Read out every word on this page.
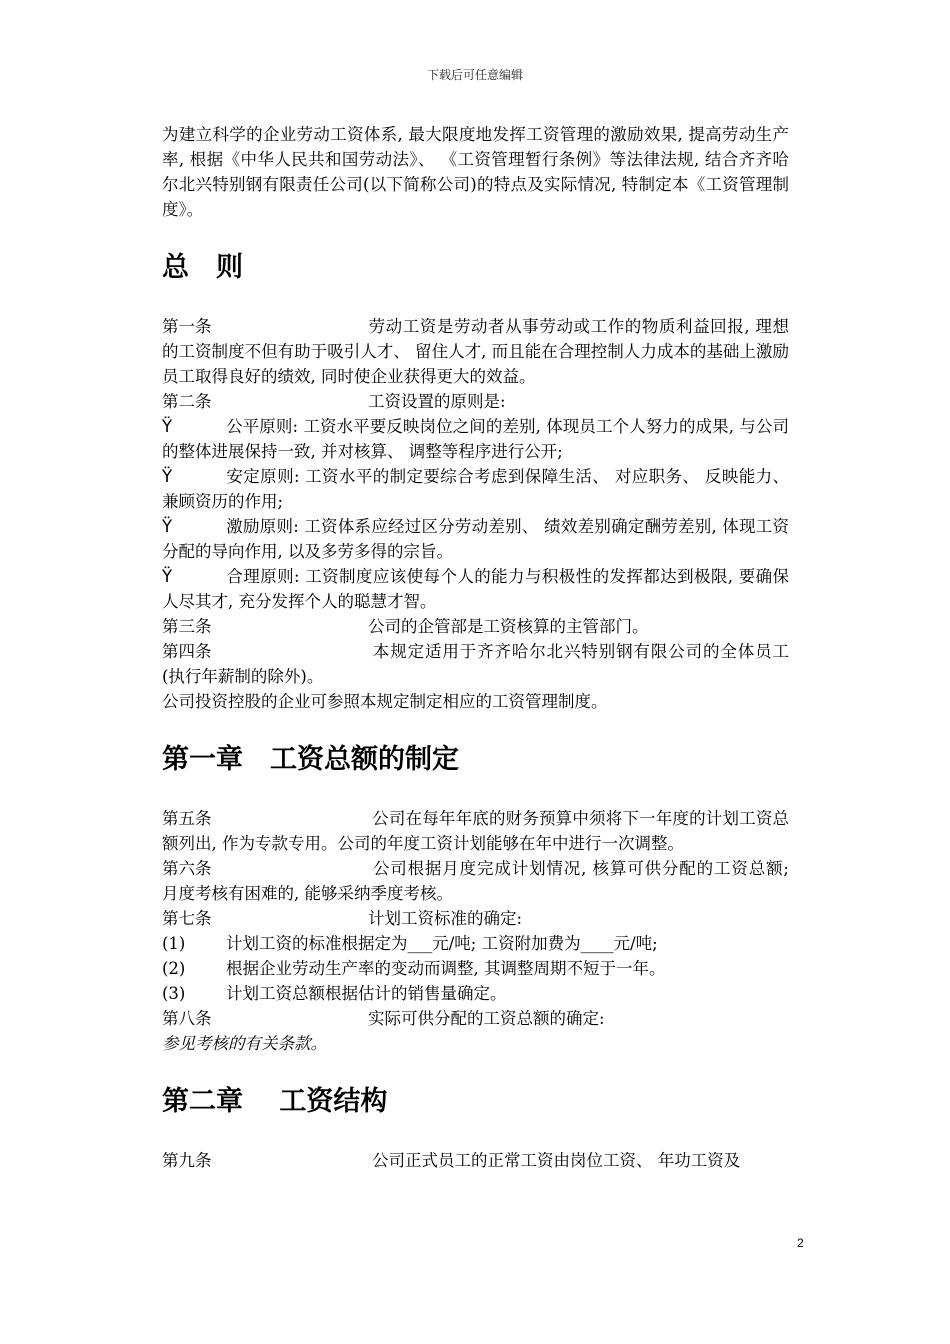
下载后可任意编辑

为建立科学的企业劳动工资体系, 最大限度地发挥工资管理的激励效果, 提高劳动生产率, 根据《中华人民共和国劳动法》、 《工资管理暂行条例》等法律法规, 结合齐齐哈尔北兴特别钢有限责任公司(以下简称公司)的特点及实际情况, 特制定本《工资管理制度》。

总　则

第一条	劳动工资是劳动者从事劳动或工作的物质利益回报, 理想的工资制度不但有助于吸引人才、 留住人才, 而且能在合理控制人力成本的基础上激励员工取得良好的绩效, 同时使企业获得更大的效益。

第二条	工资设置的原则是:

Ÿ	公平原则: 工资水平要反映岗位之间的差别, 体现员工个人努力的成果, 与公司的整体进展保持一致, 并对核算、 调整等程序进行公开;

Ÿ	安定原则: 工资水平的制定要综合考虑到保障生活、 对应职务、 反映能力、 兼顾资历的作用;

Ÿ	激励原则: 工资体系应经过区分劳动差别、 绩效差别确定酬劳差别, 体现工资分配的导向作用, 以及多劳多得的宗旨。

Ÿ	合理原则: 工资制度应该使每个人的能力与积极性的发挥都达到极限, 要确保人尽其才, 充分发挥个人的聪慧才智。

第三条	公司的企管部是工资核算的主管部门。

第四条	本规定适用于齐齐哈尔北兴特别钢有限公司的全体员工(执行年薪制的除外)。

公司投资控股的企业可参照本规定制定相应的工资管理制度。

第一章　工资总额的制定

第五条	公司在每年年底的财务预算中须将下一年度的计划工资总额列出, 作为专款专用。公司的年度工资计划能够在年中进行一次调整。

第六条	公司根据月度完成计划情况, 核算可供分配的工资总额; 月度考核有困难的, 能够采纳季度考核。

第七条	计划工资标准的确定:

(1) 计划工资的标准根据定为___元/吨; 工资附加费为____元/吨;

(2) 根据企业劳动生产率的变动而调整, 其调整周期不短于一年。

(3) 计划工资总额根据估计的销售量确定。

第八条	实际可供分配的工资总额的确定:

参见考核的有关条款。

第二章　 工资结构

第九条	公司正式员工的正常工资由岗位工资、 年功工资及

2
